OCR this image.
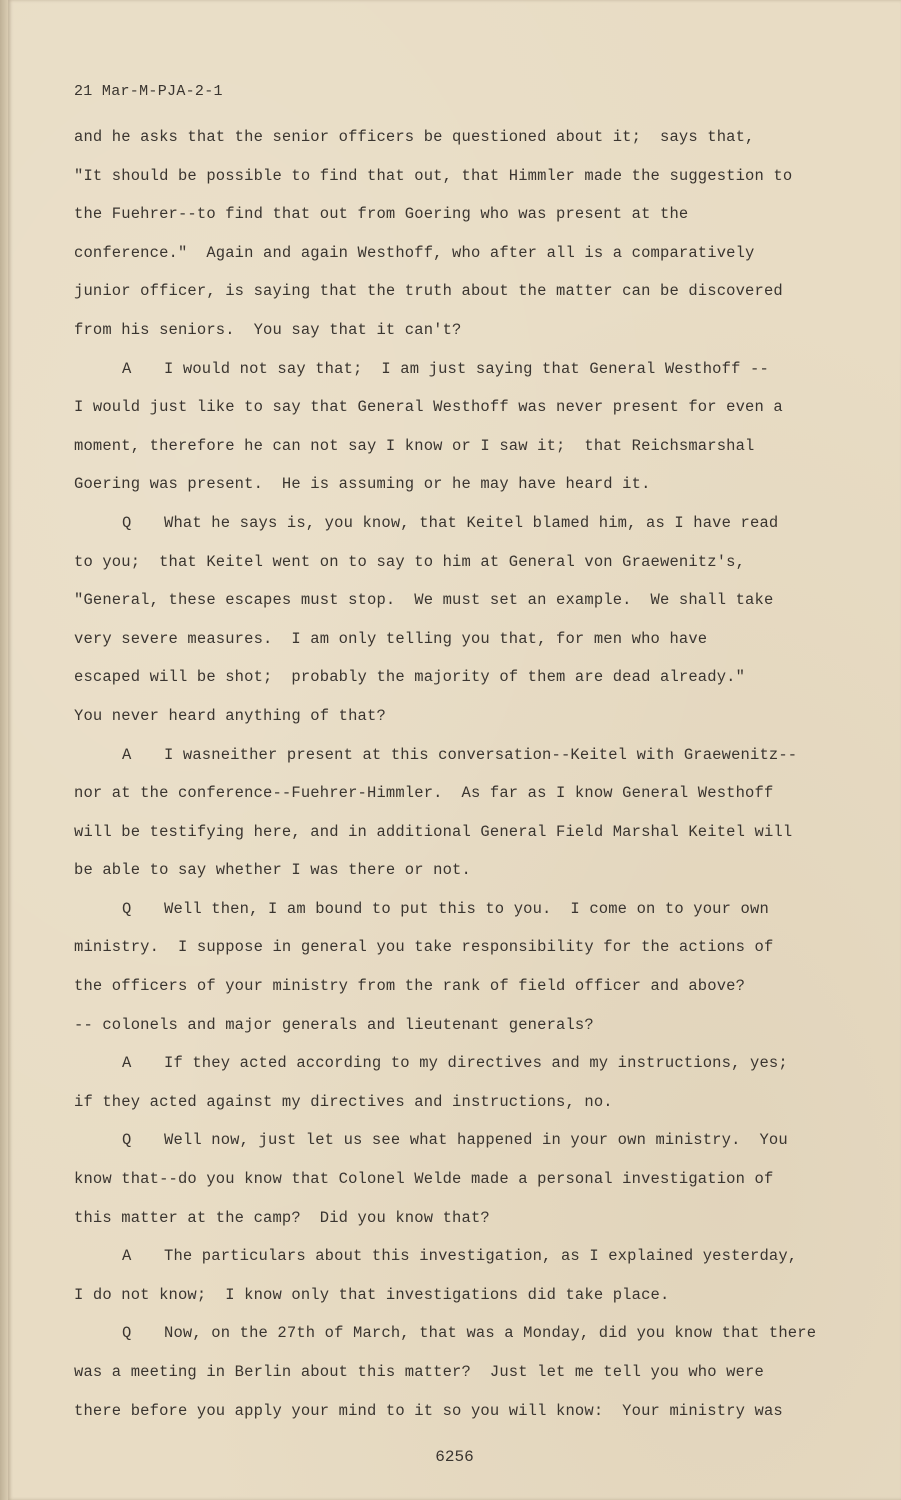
21 Mar-M-PJA-2-1
and he asks that the senior officers be questioned about it;  says that,
"It should be possible to find that out, that Himmler made the suggestion to
the Fuehrer--to find that out from Goering who was present at the
conference."  Again and again Westhoff, who after all is a comparatively
junior officer, is saying that the truth about the matter can be discovered
from his seniors.  You say that it can't?
A I would not say that;  I am just saying that General Westhoff --
I would just like to say that General Westhoff was never present for even a
moment, therefore he can not say I know or I saw it;  that Reichsmarshal
Goering was present.  He is assuming or he may have heard it.
Q What he says is, you know, that Keitel blamed him, as I have read
to you;  that Keitel went on to say to him at General von Graewenitz's,
"General, these escapes must stop.  We must set an example.  We shall take
very severe measures.  I am only telling you that, for men who have
escaped will be shot;  probably the majority of them are dead already."
You never heard anything of that?
A I wasneither present at this conversation--Keitel with Graewenitz--
nor at the conference--Fuehrer-Himmler.  As far as I know General Westhoff
will be testifying here, and in additional General Field Marshal Keitel will
be able to say whether I was there or not.
Q Well then, I am bound to put this to you.  I come on to your own
ministry.  I suppose in general you take responsibility for the actions of
the officers of your ministry from the rank of field officer and above?
-- colonels and major generals and lieutenant generals?
A If they acted according to my directives and my instructions, yes;
if they acted against my directives and instructions, no.
Q Well now, just let us see what happened in your own ministry.  You
know that--do you know that Colonel Welde made a personal investigation of
this matter at the camp?  Did you know that?
A The particulars about this investigation, as I explained yesterday,
I do not know;  I know only that investigations did take place.
Q Now, on the 27th of March, that was a Monday, did you know that there
was a meeting in Berlin about this matter?  Just let me tell you who were
there before you apply your mind to it so you will know:  Your ministry was
6256
